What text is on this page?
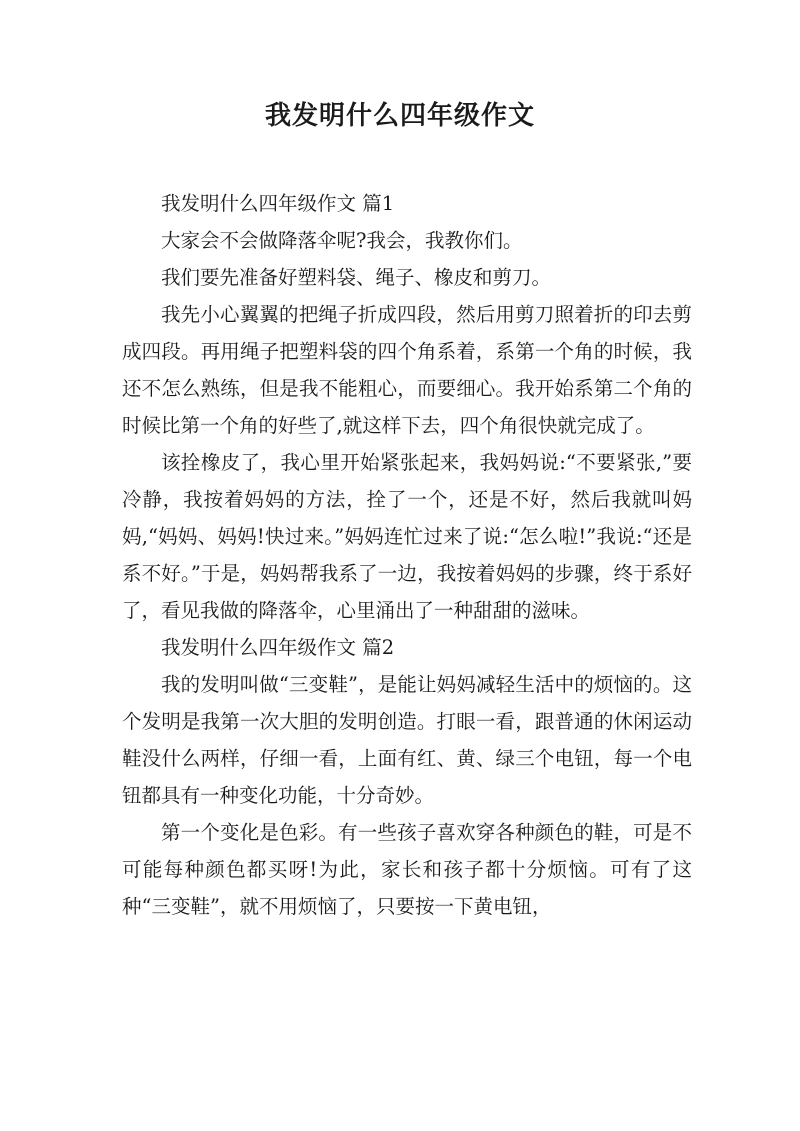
我发明什么四年级作文

我发明什么四年级作文 篇1

大家会不会做降落伞呢?我会，我教你们。

我们要先准备好塑料袋、绳子、橡皮和剪刀。

我先小心翼翼的把绳子折成四段，然后用剪刀照着折的印去剪成四段。再用绳子把塑料袋的四个角系着，系第一个角的时候，我还不怎么熟练，但是我不能粗心，而要细心。我开始系第二个角的时候比第一个角的好些了,就这样下去，四个角很快就完成了。

该拴橡皮了，我心里开始紧张起来，我妈妈说:“不要紧张,”要冷静，我按着妈妈的方法，拴了一个，还是不好，然后我就叫妈妈,“妈妈、妈妈!快过来。”妈妈连忙过来了说:“怎么啦!”我说:“还是系不好。”于是，妈妈帮我系了一边，我按着妈妈的步骤，终于系好了，看见我做的降落伞，心里涌出了一种甜甜的滋味。

我发明什么四年级作文 篇2

我的发明叫做“三变鞋”，是能让妈妈减轻生活中的烦恼的。这个发明是我第一次大胆的发明创造。打眼一看，跟普通的休闲运动鞋没什么两样，仔细一看，上面有红、黄、绿三个电钮，每一个电钮都具有一种变化功能，十分奇妙。

第一个变化是色彩。有一些孩子喜欢穿各种颜色的鞋，可是不可能每种颜色都买呀!为此，家长和孩子都十分烦恼。可有了这种“三变鞋”，就不用烦恼了，只要按一下黄电钮，
